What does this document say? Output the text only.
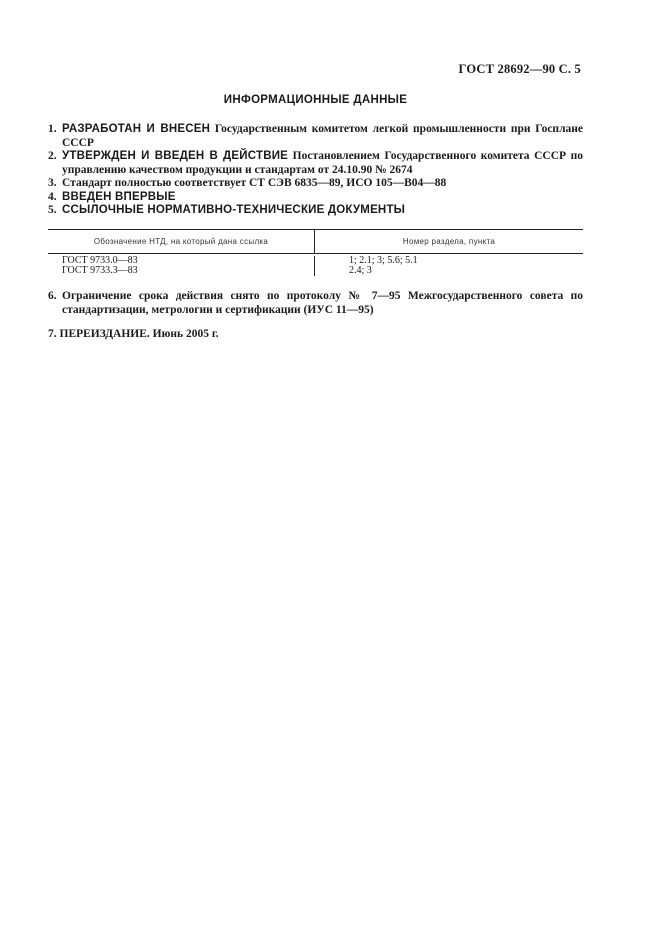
ГОСТ 28692—90 С. 5
ИНФОРМАЦИОННЫЕ ДАННЫЕ
1. РАЗРАБОТАН И ВНЕСЕН Государственным комитетом легкой промышленности при Госплане СССР
2. УТВЕРЖДЕН И ВВЕДЕН В ДЕЙСТВИЕ Постановлением Государственного комитета СССР по управлению качеством продукции и стандартам от 24.10.90 № 2674
3. Стандарт полностью соответствует СТ СЭВ 6835—89, ИСО 105—B04—88
4. ВВЕДЕН ВПЕРВЫЕ
5. ССЫЛОЧНЫЕ НОРМАТИВНО-ТЕХНИЧЕСКИЕ ДОКУМЕНТЫ
Обозначение НТД, на который дана ссылка	Номер раздела, пункта
ГОСТ 9733.0—83
ГОСТ 9733.3—83
1; 2.1; 3; 5.6; 5.1
2.4; 3
6. Ограничение срока действия снято по протоколу № 7—95 Межгосударственного совета по стандартизации, метрологии и сертификации (ИУС 11—95)
7. ПЕРЕИЗДАНИЕ. Июнь 2005 г.
